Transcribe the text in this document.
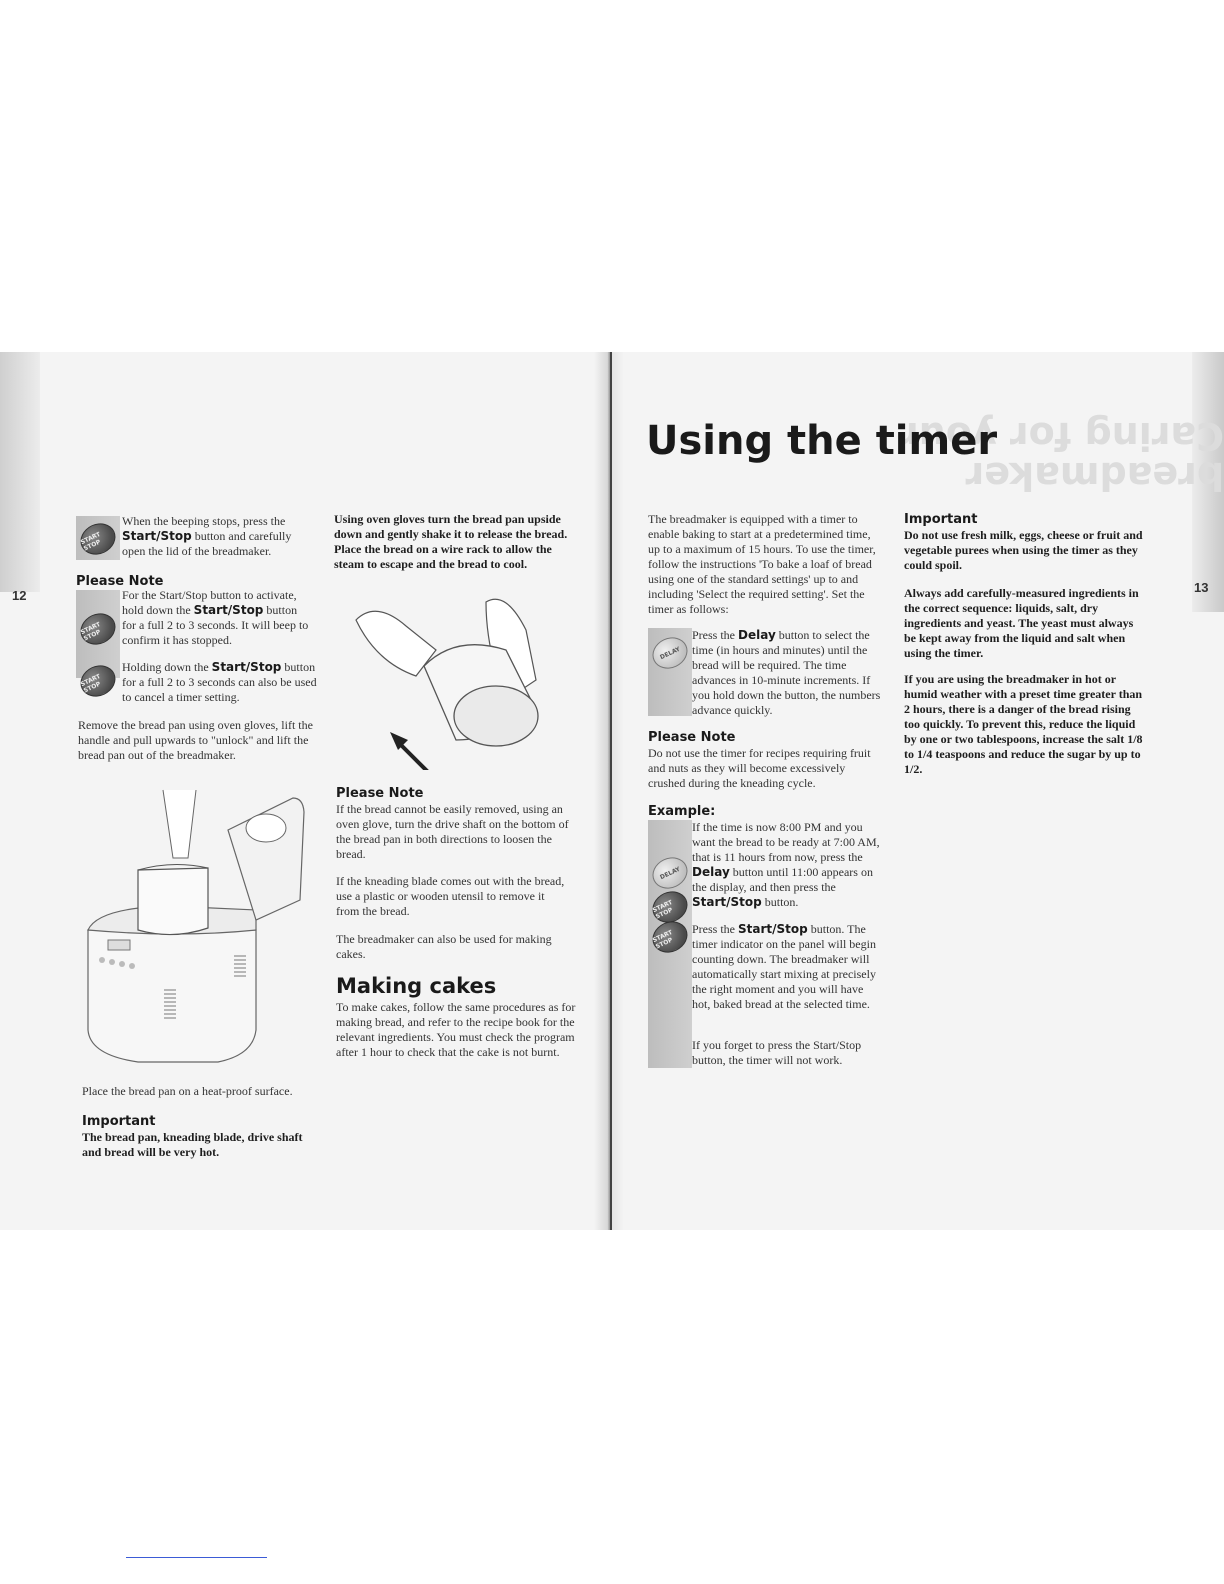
12
13
START STOP
When the beeping stops, press the Start/Stop button and carefully open the lid of the breadmaker.
Please Note
START STOP
START STOP
For the Start/Stop button to activate, hold down the Start/Stop button for a full 2 to 3 seconds. It will beep to confirm it has stopped.
Holding down the Start/Stop button for a full 2 to 3 seconds can also be used to cancel a timer setting.
Remove the bread pan using oven gloves, lift the handle and pull upwards to "unlock" and lift the bread pan out of the breadmaker.
Place the bread pan on a heat-proof surface.
Important
The bread pan, kneading blade, drive shaft and bread will be very hot.
Using oven gloves turn the bread pan upside down and gently shake it to release the bread. Place the bread on a wire rack to allow the steam to escape and the bread to cool.
Please Note
If the bread cannot be easily removed, using an oven glove, turn the drive shaft on the bottom of the bread pan in both directions to loosen the bread.
If the kneading blade comes out with the bread, use a plastic or wooden utensil to remove it from the bread.
The breadmaker can also be used for making cakes.
Making cakes
To make cakes, follow the same procedures as for making bread, and refer to the recipe book for the relevant ingredients. You must check the program after 1 hour to check that the cake is not burnt.
breadmaker
Caring for your
Using the timer
The breadmaker is equipped with a timer to enable baking to start at a predetermined time, up to a maximum of 15 hours. To use the timer, follow the instructions 'To bake a loaf of bread using one of the standard settings' up to and including 'Select the required setting'. Set the timer as follows:
DELAY
Press the Delay button to select the time (in hours and minutes) until the bread will be required. The time advances in 10-minute increments. If you hold down the button, the numbers advance quickly.
Please Note
Do not use the timer for recipes requiring fruit and nuts as they will become excessively crushed during the kneading cycle.
Example:
DELAY
START STOP
START STOP
If the time is now 8:00 PM and you want the bread to be ready at 7:00 AM, that is 11 hours from now, press the Delay button until 11:00 appears on the display, and then press the Start/Stop button.
Press the Start/Stop button. The timer indicator on the panel will begin counting down. The breadmaker will automatically start mixing at precisely the right moment and you will have hot, baked bread at the selected time.
If you forget to press the Start/Stop button, the timer will not work.
Important
Do not use fresh milk, eggs, cheese or fruit and vegetable purees when using the timer as they could spoil.
Always add carefully-measured ingredients in the correct sequence: liquids, salt, dry ingredients and yeast. The yeast must always be kept away from the liquid and salt when using the timer.
If you are using the breadmaker in hot or humid weather with a preset time greater than 2 hours, there is a danger of the bread rising too quickly. To prevent this, reduce the liquid by one or two tablespoons, increase the salt 1/8 to 1/4 teaspoons and reduce the sugar by up to 1/2.
